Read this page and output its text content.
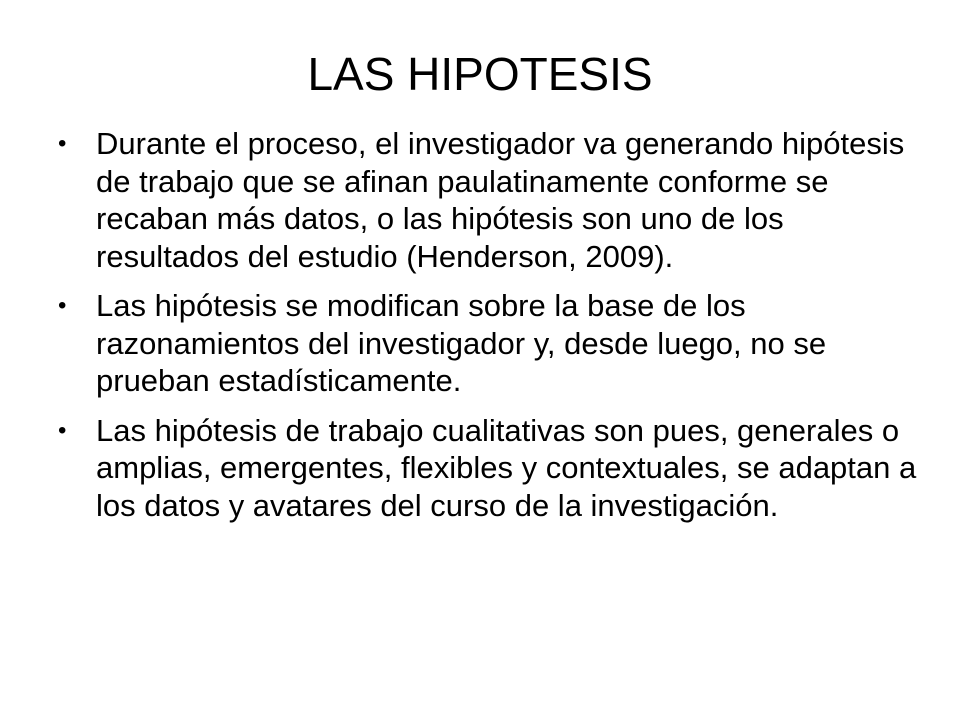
LAS HIPOTESIS
• Durante el proceso, el investigador va generando hipótesis de trabajo que se afinan paulatinamente conforme se recaban más datos, o las hipótesis son uno de los resultados del estudio (Henderson, 2009).
• Las hipótesis se modifican sobre la base de los razonamientos del investigador y, desde luego, no se prueban estadísticamente.
• Las hipótesis de trabajo cualitativas son pues, generales o amplias, emergentes, flexibles y contextuales, se adaptan a los datos y avatares del curso de la investigación.
